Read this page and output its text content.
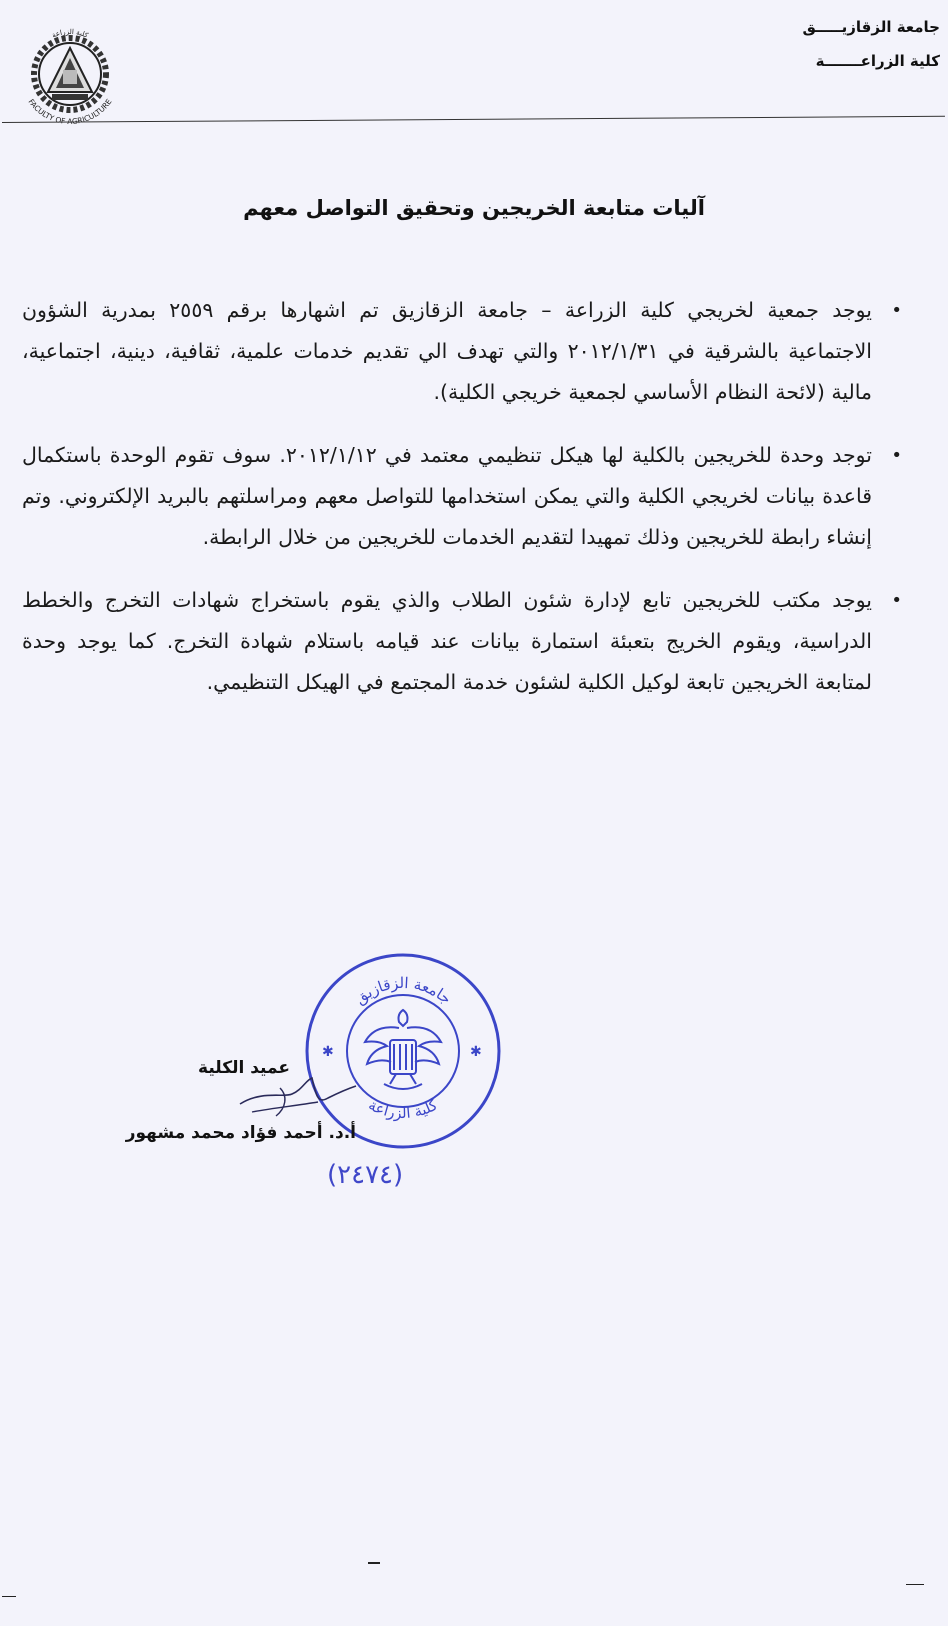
جامعة الزقازيـــــق
كلية الزراعـــــــة
كلية الزراعة
FACULTY OF AGRICULTURE
آليات متابعة الخريجين وتحقيق التواصل معهم
•
يوجد جمعية لخريجي كلية الزراعة – جامعة الزقازيق تم اشهارها برقم ٢٥٥٩ بمدرية الشؤون الاجتماعية بالشرقية في ٢٠١٢/١/٣١ والتي تهدف الي تقديم خدمات علمية، ثقافية، دينية، اجتماعية، مالية (لائحة النظام الأساسي لجمعية خريجي الكلية).
•
توجد وحدة للخريجين بالكلية لها هيكل تنظيمي معتمد في ٢٠١٢/١/١٢. سوف تقوم الوحدة باستكمال قاعدة بيانات لخريجي الكلية والتي يمكن استخدامها للتواصل معهم ومراسلتهم بالبريد الإلكتروني. وتم إنشاء رابطة للخريجين وذلك تمهيدا لتقديم الخدمات للخريجين من خلال الرابطة.
•
يوجد مكتب للخريجين تابع لإدارة شئون الطلاب والذي يقوم باستخراج شهادات التخرج والخطط الدراسية، ويقوم الخريج بتعبئة استمارة بيانات عند قيامه باستلام شهادة التخرج. كما يوجد وحدة لمتابعة الخريجين تابعة لوكيل الكلية لشئون خدمة المجتمع في الهيكل التنظيمي.
جامعة الزقازيق
كلية الزراعة
✱	✱
عميد الكلية
أ.د. أحمد فؤاد محمد مشهور
(٢٤٧٤)
